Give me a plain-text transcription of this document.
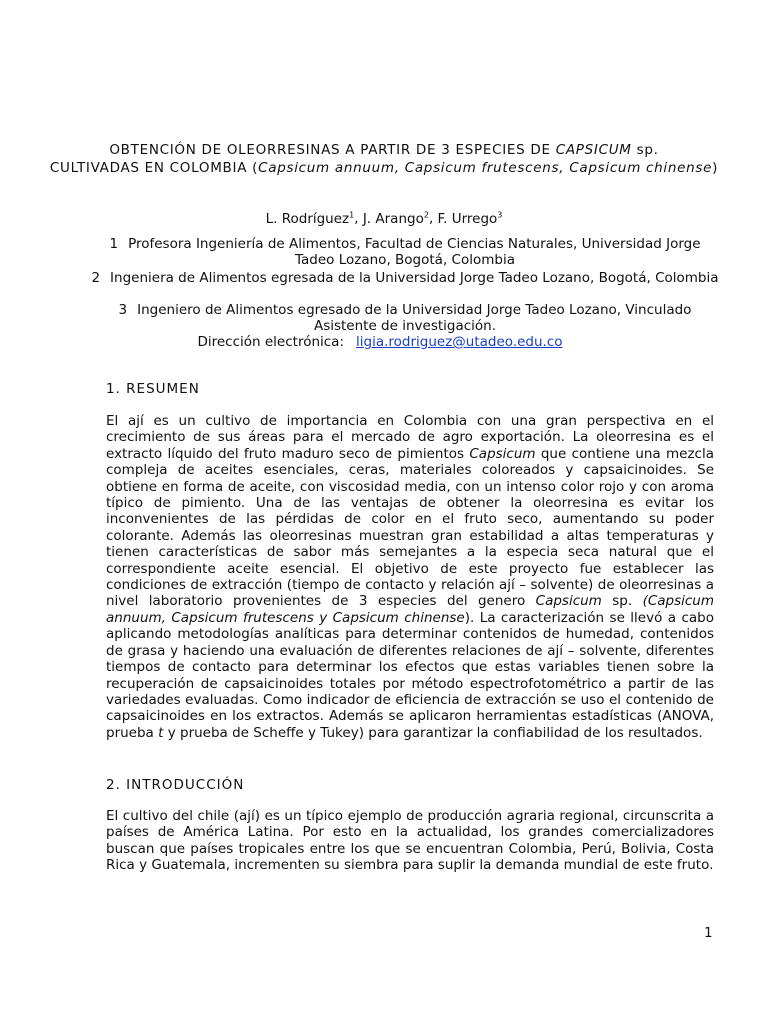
OBTENCIÓN DE OLEORRESINAS A PARTIR DE 3 ESPECIES DE CAPSICUM sp.
CULTIVADAS EN COLOMBIA (Capsicum annuum, Capsicum frutescens, Capsicum chinense)
L. Rodríguez$^1$, J. Arango$^2$, F. Urrego$^3$
1 Profesora Ingeniería de Alimentos, Facultad de Ciencias Naturales, Universidad Jorge Tadeo Lozano, Bogotá, Colombia
2 Ingeniera de Alimentos egresada de la Universidad Jorge Tadeo Lozano, Bogotá, Colombia
3 Ingeniero de Alimentos egresado de la Universidad Jorge Tadeo Lozano, Vinculado Asistente de investigación.
Dirección electrónica: ligia.rodriguez@utadeo.edu.co
1. RESUMEN
El ají es un cultivo de importancia en Colombia con una gran perspectiva en el crecimiento de sus áreas para el mercado de agro exportación. La oleorresina es el extracto líquido del fruto maduro seco de pimientos Capsicum que contiene una mezcla compleja de aceites esenciales, ceras, materiales coloreados y capsaicinoides. Se obtiene en forma de aceite, con viscosidad media, con un intenso color rojo y con aroma típico de pimiento. Una de las ventajas de obtener la oleorresina es evitar los inconvenientes de las pérdidas de color en el fruto seco, aumentando su poder colorante. Además las oleorresinas muestran gran estabilidad a altas temperaturas y tienen características de sabor más semejantes a la especia seca natural que el correspondiente aceite esencial. El objetivo de este proyecto fue establecer las condiciones de extracción (tiempo de contacto y relación ají – solvente) de oleorresinas a nivel laboratorio provenientes de 3 especies del genero Capsicum sp. (Capsicum annuum, Capsicum frutescens y Capsicum chinense). La caracterización se llevó a cabo aplicando metodologías analíticas para determinar contenidos de humedad, contenidos de grasa y haciendo una evaluación de diferentes relaciones de ají – solvente, diferentes tiempos de contacto para determinar los efectos que estas variables tienen sobre la recuperación de capsaicinoides totales por método espectrofotométrico a partir de las variedades evaluadas. Como indicador de eficiencia de extracción se uso el contenido de capsaicinoides en los extractos. Además se aplicaron herramientas estadísticas (ANOVA, prueba t y prueba de Scheffe y Tukey) para garantizar la confiabilidad de los resultados.
2. INTRODUCCIÓN
El cultivo del chile (ají) es un típico ejemplo de producción agraria regional, circunscrita a países de América Latina. Por esto en la actualidad, los grandes comercializadores buscan que países tropicales entre los que se encuentran Colombia, Perú, Bolivia, Costa Rica y Guatemala, incrementen su siembra para suplir la demanda mundial de este fruto.
1
